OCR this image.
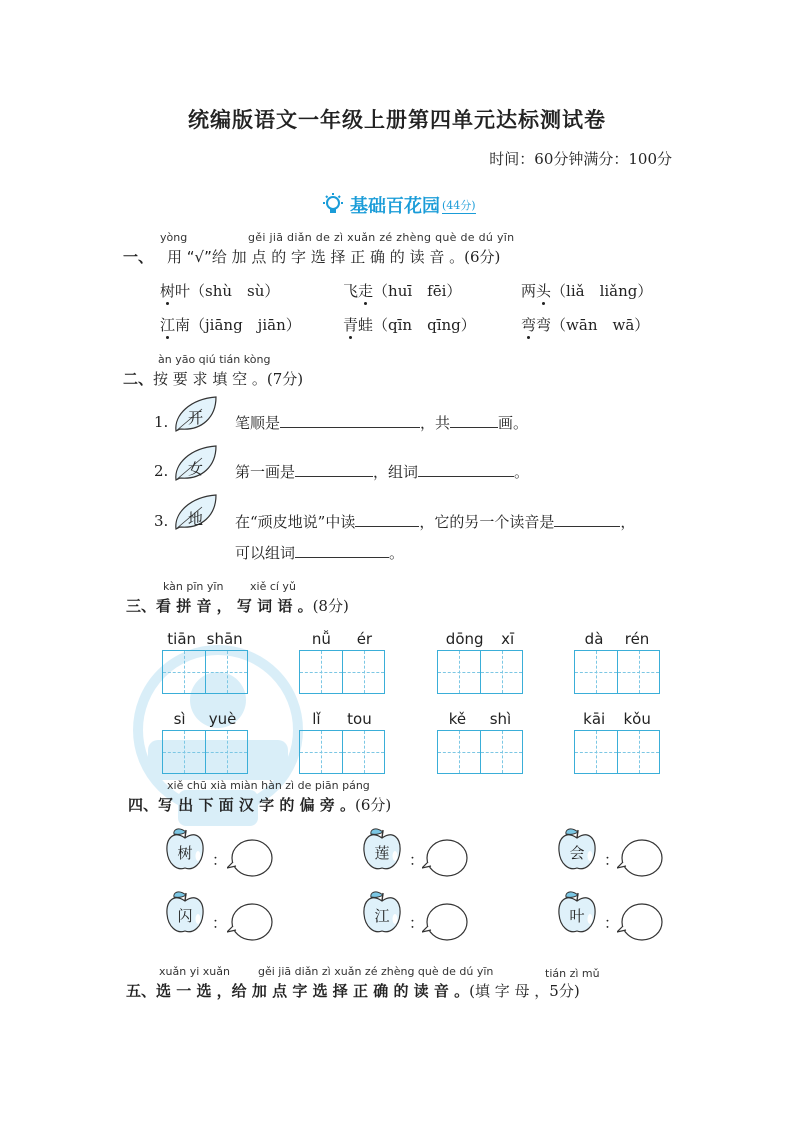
统编版语文一年级上册第四单元达标测试卷
时间：60分钟满分：100分
基础百花园 (44分)
yòng	gěi jiā diǎn de zì xuǎn zé zhèng què de dú yīn
一、 用 “√”给 加 点 的 字 选 择 正 确 的 读 音 。(6分)
树叶（shù　sù）	飞走（huī　fēi）	两头（liǎ　liǎng）
江南（jiāng　jiān）	青蛙（qīn　qīng）	弯弯（wān　wā）
àn yāo qiú tián kòng
二、按 要 求 填 空 。(7分)
开
1.	笔顺是	，共	画。
女
2.	第一画是	，组词	。
地
3.	在“顽皮地说”中读	，它的另一个读音是	，
可以组词	。
kàn pīn yīn xiě cí yǔ
三、看 拼 音 ， 写 词 语 。(8分)
tiān shān	nǚ ér	dōng xī	dà rén
sì yuè	lǐ tou	kě shì	kāi kǒu
xiě chū xià miàn hàn zì de piān páng
四、写 出 下 面 汉 字 的 偏 旁 。(6分)
树	：	莲	：	会	：
闪	：	江	：	叶	：
xuǎn yi xuǎn	gěi jiā diǎn zì xuǎn zé zhèng què de dú yīn	tián zì mǔ
五、选 一 选 ，给 加 点 字 选 择 正 确 的 读 音 。(填 字 母 ，5分)
